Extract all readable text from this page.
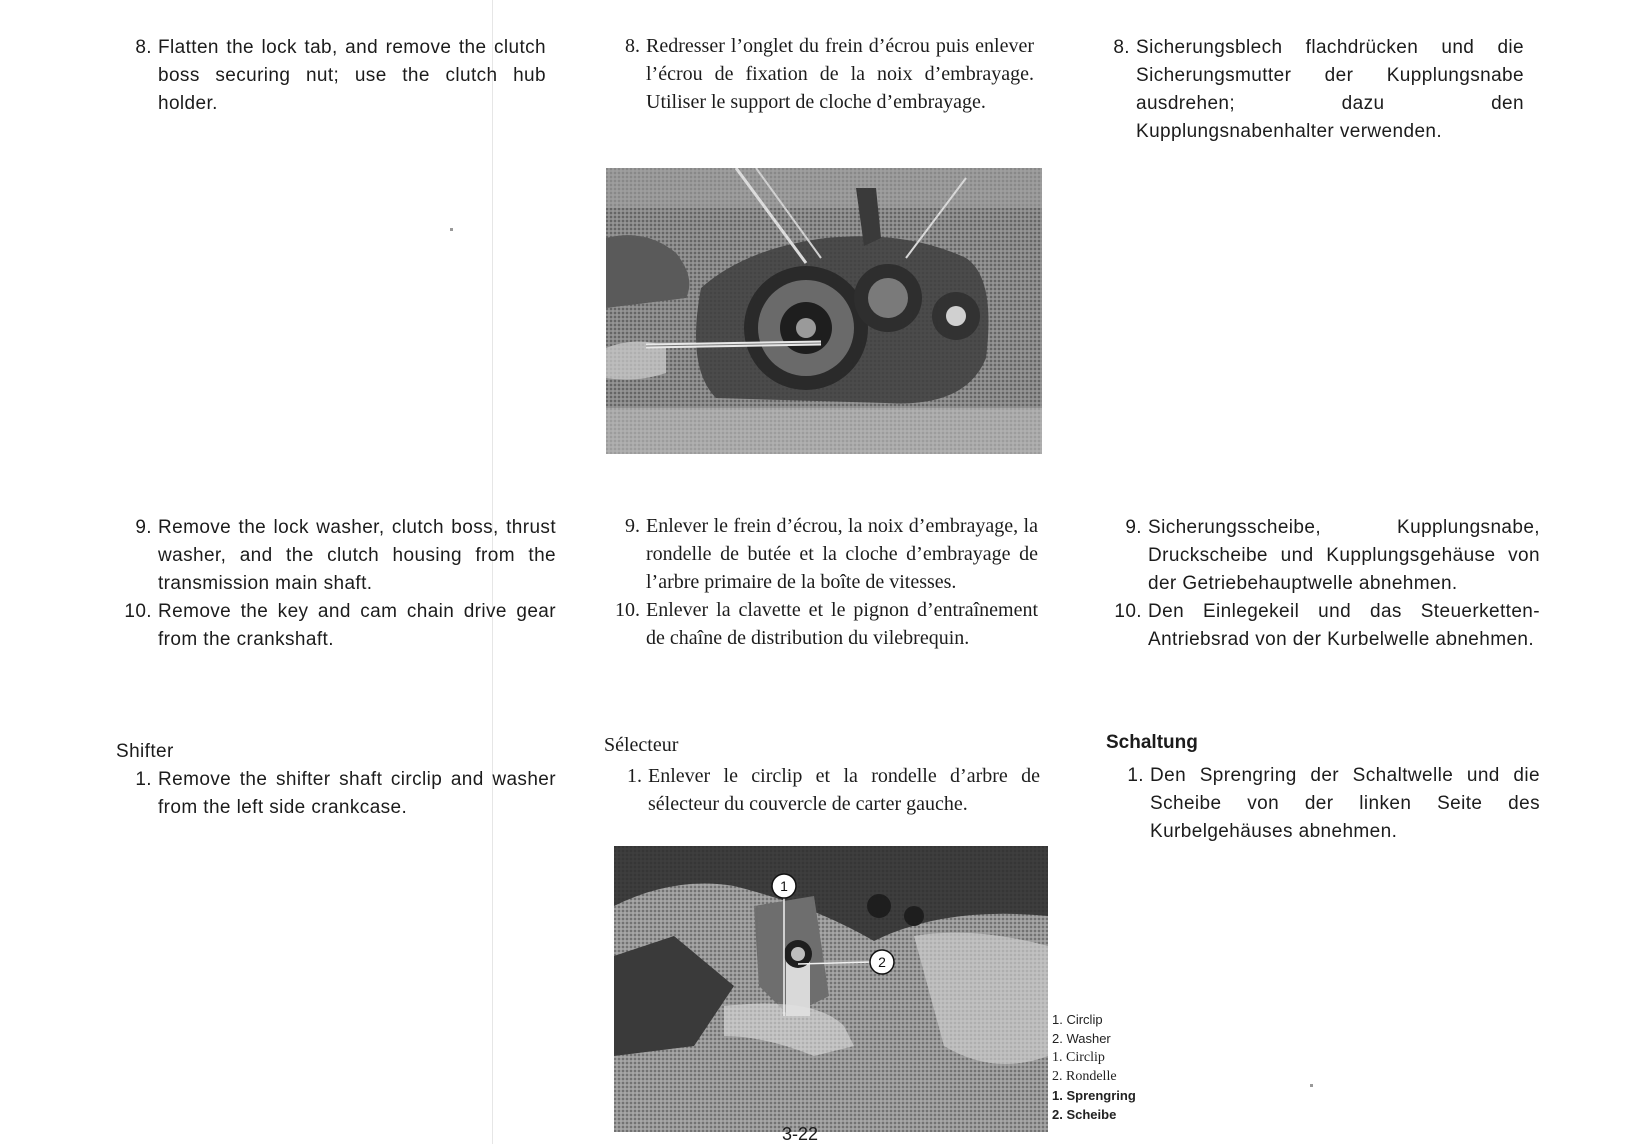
8. Flatten the lock tab, and remove the clutch boss securing nut; use the clutch hub holder.
9. Remove the lock washer, clutch boss, thrust washer, and the clutch housing from the transmission main shaft.
10. Remove the key and cam chain drive gear from the crankshaft.
Shifter
1. Remove the shifter shaft circlip and washer from the left side crankcase.
8. Redresser l’onglet du frein d’écrou puis enlever l’écrou de fixation de la noix d’embrayage. Utiliser le support de cloche d’embrayage.
9. Enlever le frein d’écrou, la noix d’embrayage, la rondelle de butée et la cloche d’embrayage de l’arbre primaire de la boîte de vitesses.
10. Enlever la clavette et le pignon d’entraînement de chaîne de distribution du vilebrequin.
Sélecteur
1. Enlever le circlip et la rondelle d’arbre de sélecteur du couvercle de carter gauche.
8. Sicherungsblech flachdrücken und die Sicherungsmutter der Kupplungsnabe ausdrehen; dazu den Kupplungsnabenhalter verwenden.
9. Sicherungsscheibe, Kupplungsnabe, Druckscheibe und Kupplungsgehäuse von der Getriebehauptwelle abnehmen.
10. Den Einlegekeil und das Steuerketten-Antriebsrad von der Kurbelwelle abnehmen.
Schaltung
1. Den Sprengring der Schaltwelle und die Scheibe von der linken Seite des Kurbelgehäuses abnehmen.
1
2
1. Circlip
2. Washer
1. Circlip
2. Rondelle
1. Sprengring
2. Scheibe
3-22
